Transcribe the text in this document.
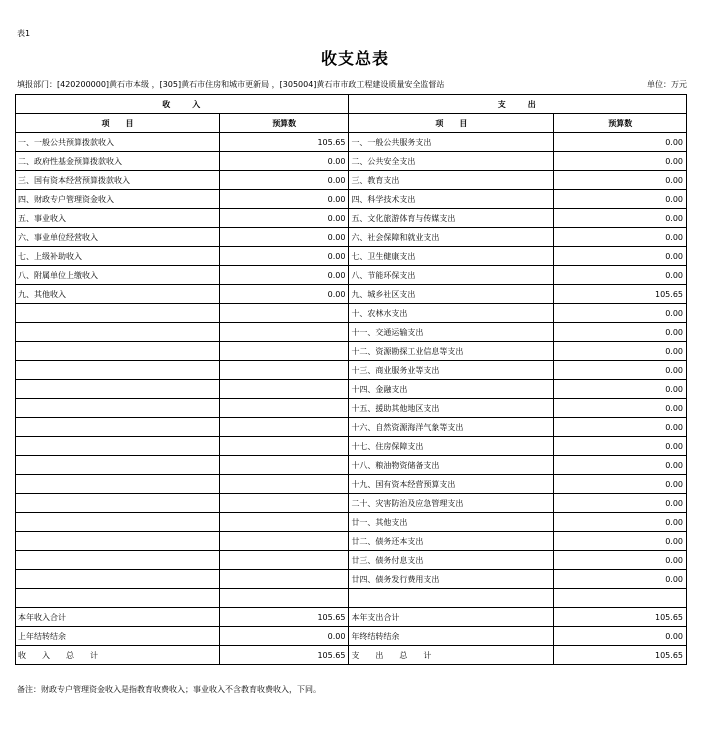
表1
收支总表
填报部门：[420200000]黄石市本级 ，[305]黄石市住房和城市更新局 ，[305004]黄石市市政工程建设质量安全监督站	单位：万元
收　　入		支　　出	
项　　目	预算数	项　　目	预算数
一、一般公共预算拨款收入	105.65	一、一般公共服务支出	0.00
二、政府性基金预算拨款收入	0.00	二、公共安全支出	0.00
三、国有资本经营预算拨款收入	0.00	三、教育支出	0.00
四、财政专户管理资金收入	0.00	四、科学技术支出	0.00
五、事业收入	0.00	五、文化旅游体育与传媒支出	0.00
六、事业单位经营收入	0.00	六、社会保障和就业支出	0.00
七、上级补助收入	0.00	七、卫生健康支出	0.00
八、附属单位上缴收入	0.00	八、节能环保支出	0.00
九、其他收入	0.00	九、城乡社区支出	105.65
		十、农林水支出	0.00
		十一、交通运输支出	0.00
		十二、资源勘探工业信息等支出	0.00
		十三、商业服务业等支出	0.00
		十四、金融支出	0.00
		十五、援助其他地区支出	0.00
		十六、自然资源海洋气象等支出	0.00
		十七、住房保障支出	0.00
		十八、粮油物资储备支出	0.00
		十九、国有资本经营预算支出	0.00
		二十、灾害防治及应急管理支出	0.00
		廿一、其他支出	0.00
		廿二、债务还本支出	0.00
		廿三、债务付息支出	0.00
		廿四、债务发行费用支出	0.00

本年收入合计	105.65	本年支出合计	105.65
上年结转结余	0.00	年终结转结余	0.00
收　　入　　总　　计	105.65	支　　出　　总　　计	105.65
备注：财政专户管理资金收入是指教育收费收入；事业收入不含教育收费收入，下同。
